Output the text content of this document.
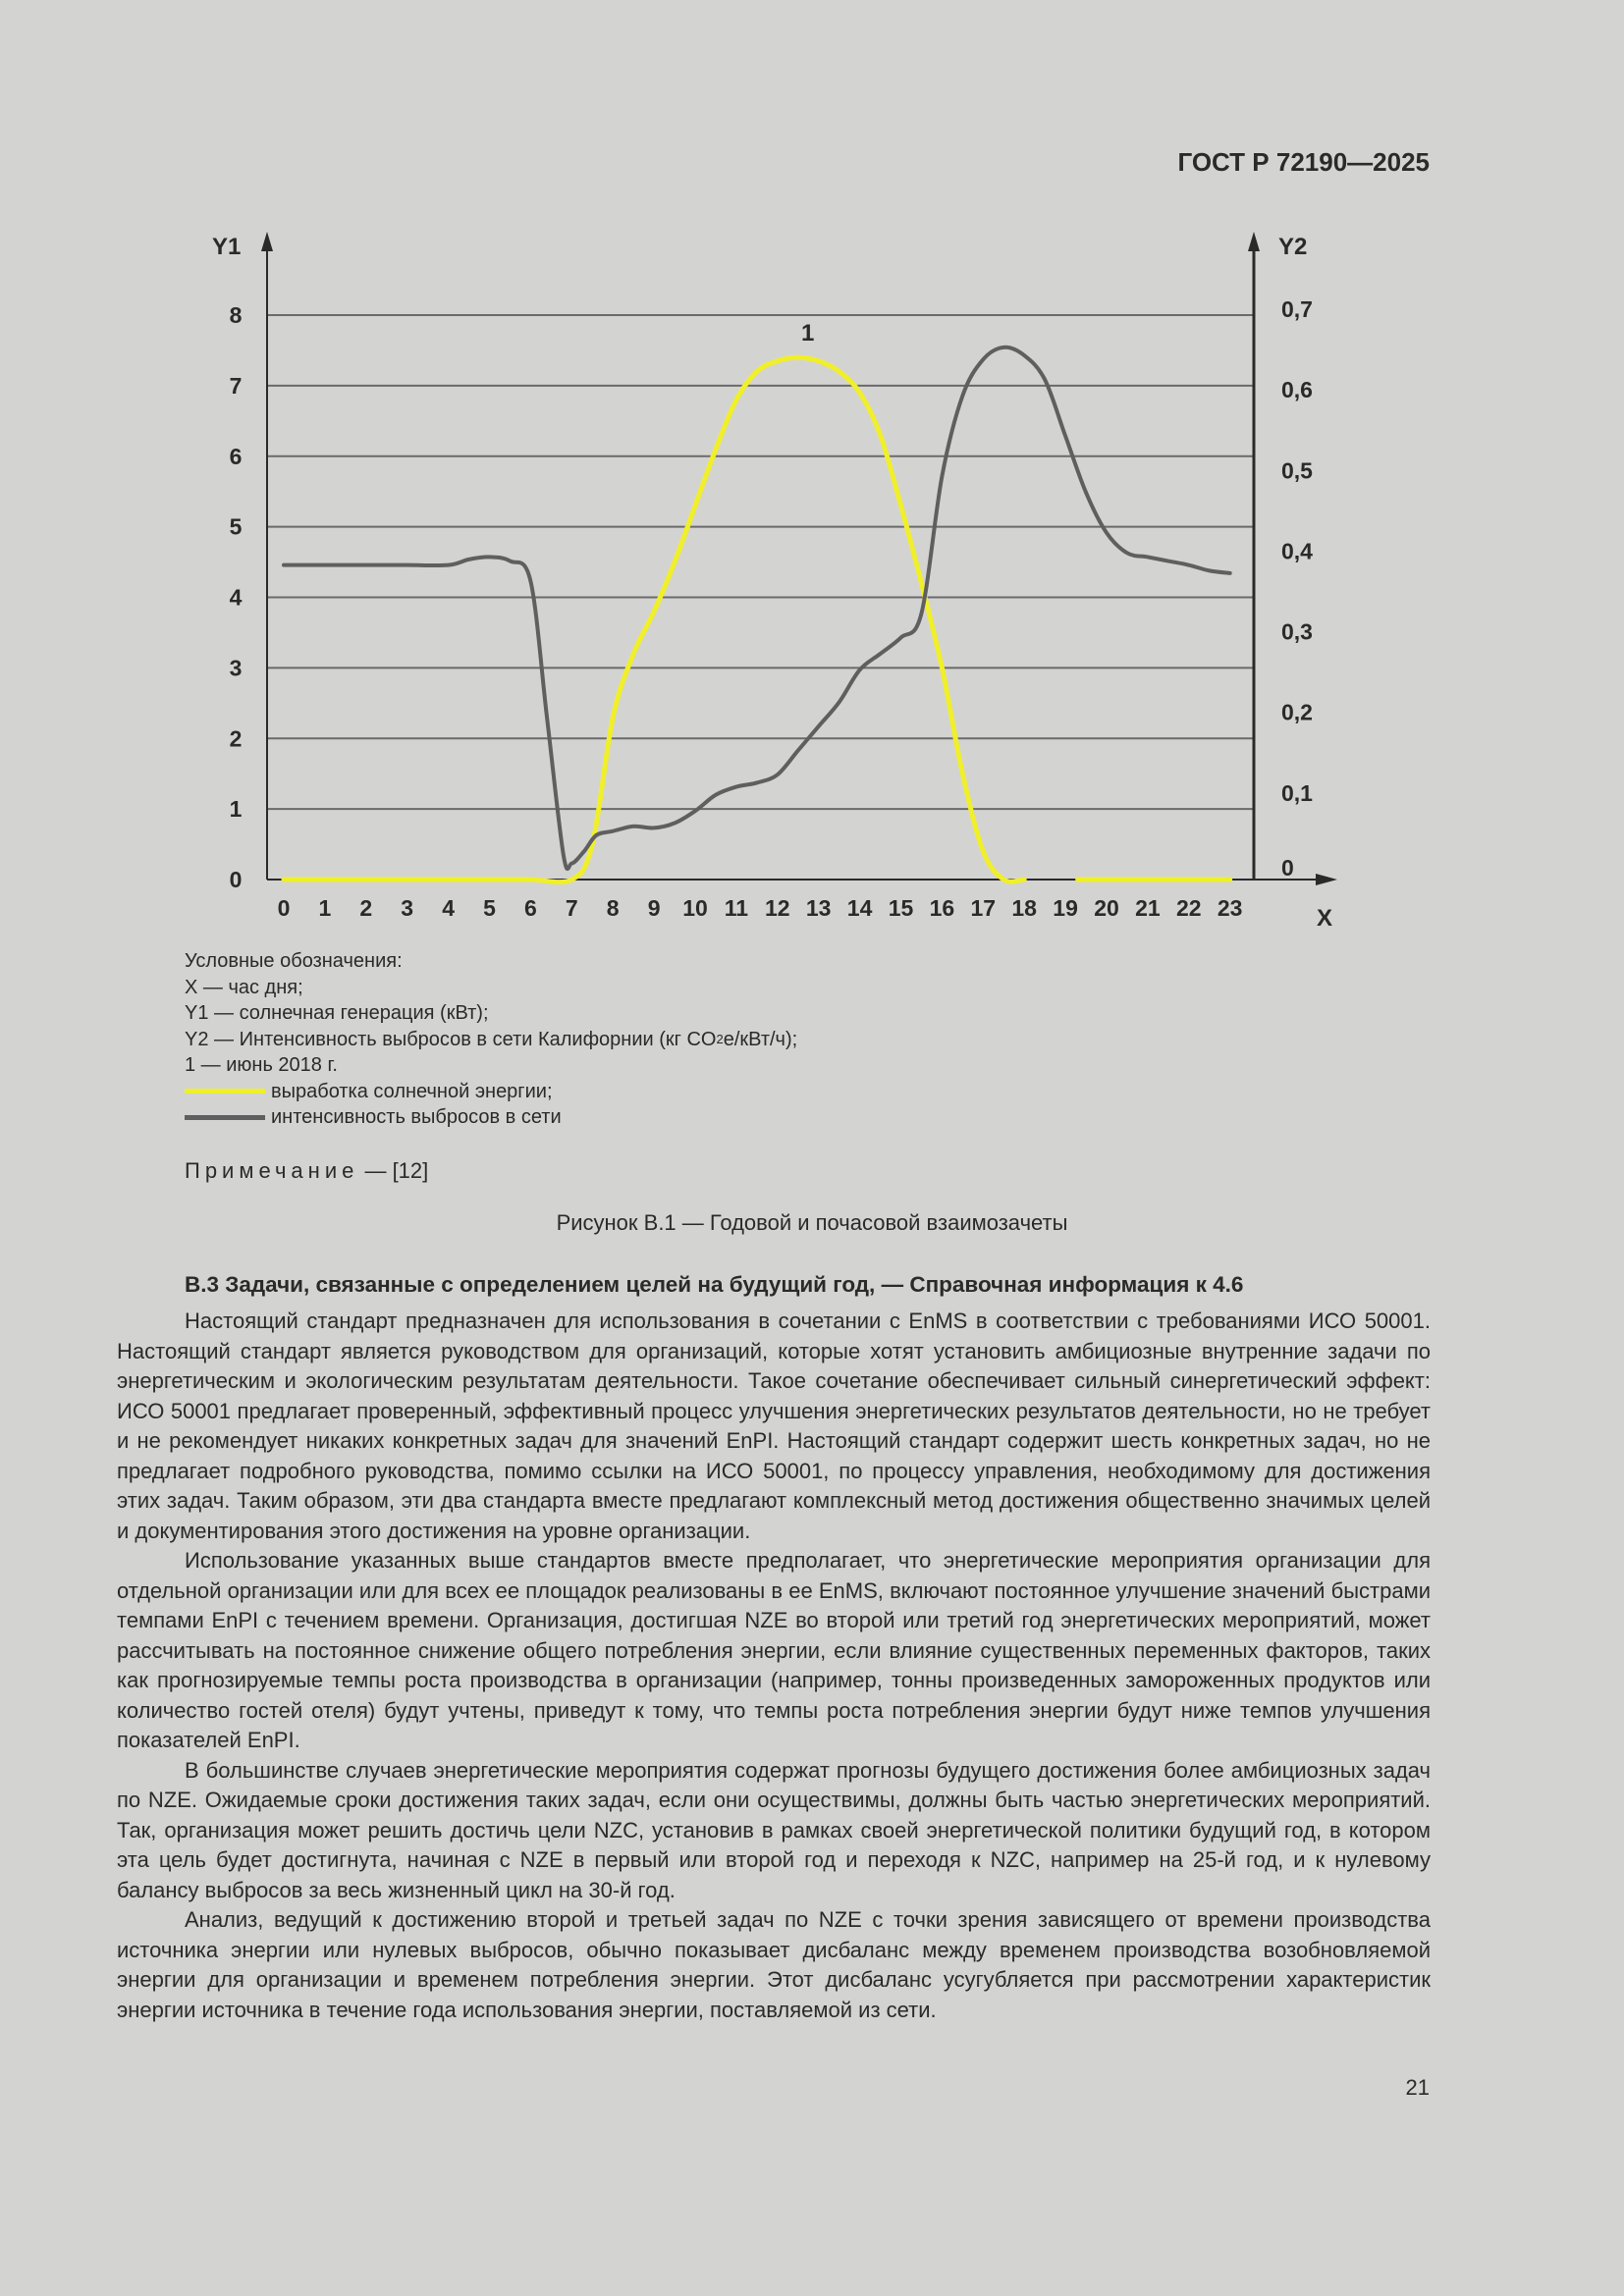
ГОСТ Р 72190—2025
0
1
2
3
4
5
6
7
8
0
0,1
0,2
0,3
0,4
0,5
0,6
0,7
0 1 2 3 4 5 6 7 8 9 10 11 12 13 14 15 16 17 18 19 20 21 22 23
Y1	Y2
X
1
Условные обозначения:
X — час дня;
Y1 — солнечная генерация (кВт);
Y2 — Интенсивность выбросов в сети Калифорнии (кг CO 2 е/кВт/ч);
1 — июнь 2018 г.
выработка солнечной энергии;
интенсивность выбросов в сети
Примечание — [12]
Рисунок В.1 — Годовой и почасовой взаимозачеты
В.3 Задачи, связанные с определением целей на будущий год, — Справочная информация к 4.6

Настоящий стандарт предназначен для использования в сочетании с EnMS в соответствии с требованиями ИСО 50001. Настоящий стандарт является руководством для организаций, которые хотят установить амбициозные внутренние задачи по энергетическим и экологическим результатам деятельности. Такое сочетание обеспечивает сильный синергетический эффект: ИСО 50001 предлагает проверенный, эффективный процесс улучшения энергетических результатов деятельности, но не требует и не рекомендует никаких конкретных задач для значений EnPI. Настоящий стандарт содержит шесть конкретных задач, но не предлагает подробного руководства, помимо ссылки на ИСО 50001, по процессу управления, необходимому для достижения этих задач. Таким образом, эти два стандарта вместе предлагают комплексный метод достижения общественно значимых целей и документирования этого достижения на уровне организации.

Использование указанных выше стандартов вместе предполагает, что энергетические мероприятия организации для отдельной организации или для всех ее площадок реализованы в ее EnMS, включают постоянное улучшение значений быстрами темпами EnPI с течением времени. Организация, достигшая NZE во второй или третий год энергетических мероприятий, может рассчитывать на постоянное снижение общего потребления энергии, если влияние существенных переменных факторов, таких как прогнозируемые темпы роста производства в организации (например, тонны произведенных замороженных продуктов или количество гостей отеля) будут учтены, приведут к тому, что темпы роста потребления энергии будут ниже темпов улучшения показателей EnPI.

В большинстве случаев энергетические мероприятия содержат прогнозы будущего достижения более амбициозных задач по NZE. Ожидаемые сроки достижения таких задач, если они осуществимы, должны быть частью энергетических мероприятий. Так, организация может решить достичь цели NZC, установив в рамках своей энергетической политики будущий год, в котором эта цель будет достигнута, начиная с NZE в первый или второй год и переходя к NZC, например на 25-й год, и к нулевому балансу выбросов за весь жизненный цикл на 30-й год.

Анализ, ведущий к достижению второй и третьей задач по NZE с точки зрения зависящего от времени производства источника энергии или нулевых выбросов, обычно показывает дисбаланс между временем производства возобновляемой энергии для организации и временем потребления энергии. Этот дисбаланс усугубляется при рассмотрении характеристик энергии источника в течение года использования энергии, поставляемой из сети.

21
